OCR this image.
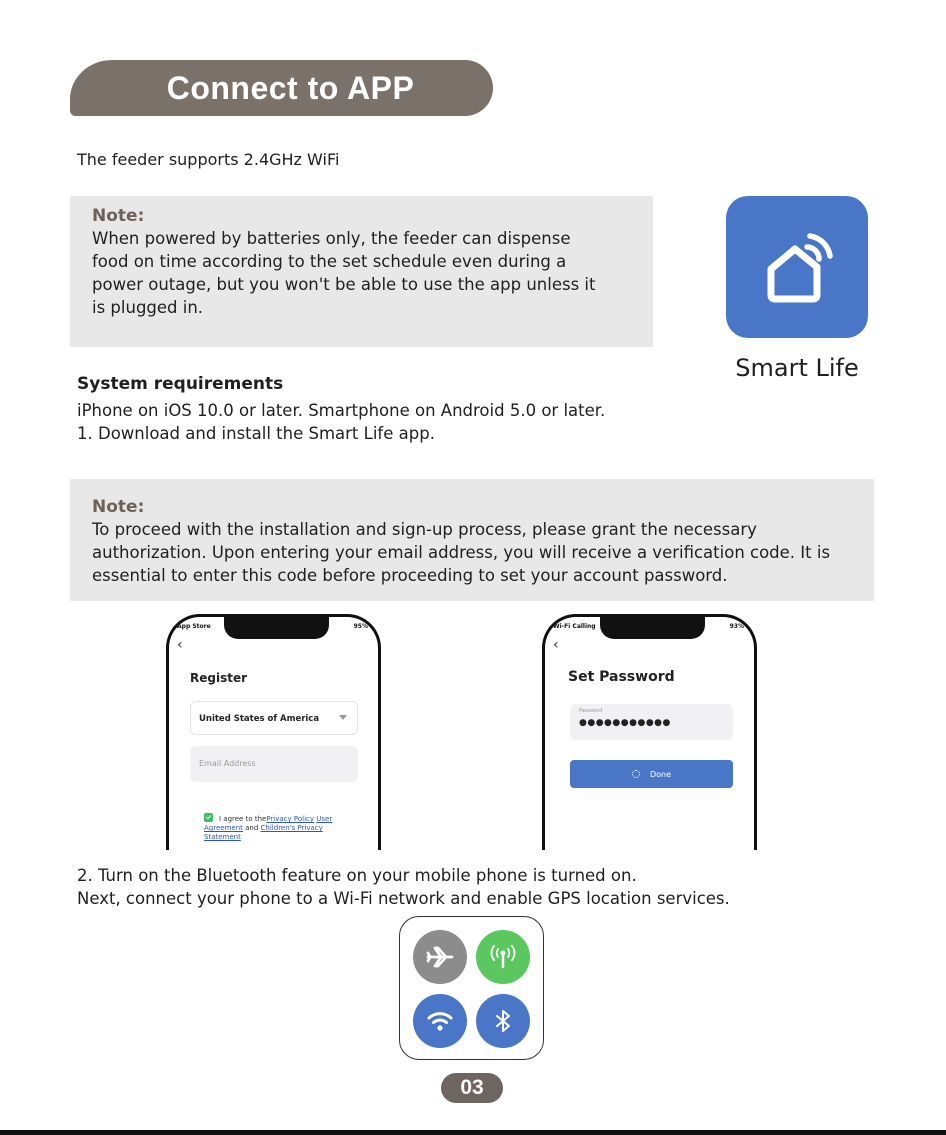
Connect to APP
The feeder supports 2.4GHz WiFi
Note:
When powered by batteries only, the feeder can dispense
food on time according to the set schedule even during a
power outage, but you won't be able to use the app unless it
is plugged in.
Smart Life
System requirements
iPhone on iOS 10.0 or later. Smartphone on Android 5.0 or later.
1. Download and install the Smart Life app.
Note:
To proceed with the installation and sign-up process, please grant the necessary
authorization. Upon entering your email address, you will receive a verification code. It is
essential to enter this code before proceeding to set your account password.
App Store	95%
‹
Register
United States of America
Email Address
I agree to thePrivacy Policy User Agreement and Children's Privacy Statement
Wi-Fi Calling	93%
‹
Set Password
Password
●●●●●●●●●●●
Done
2. Turn on the Bluetooth feature on your mobile phone is turned on.
Next, connect your phone to a Wi-Fi network and enable GPS location services.
03
